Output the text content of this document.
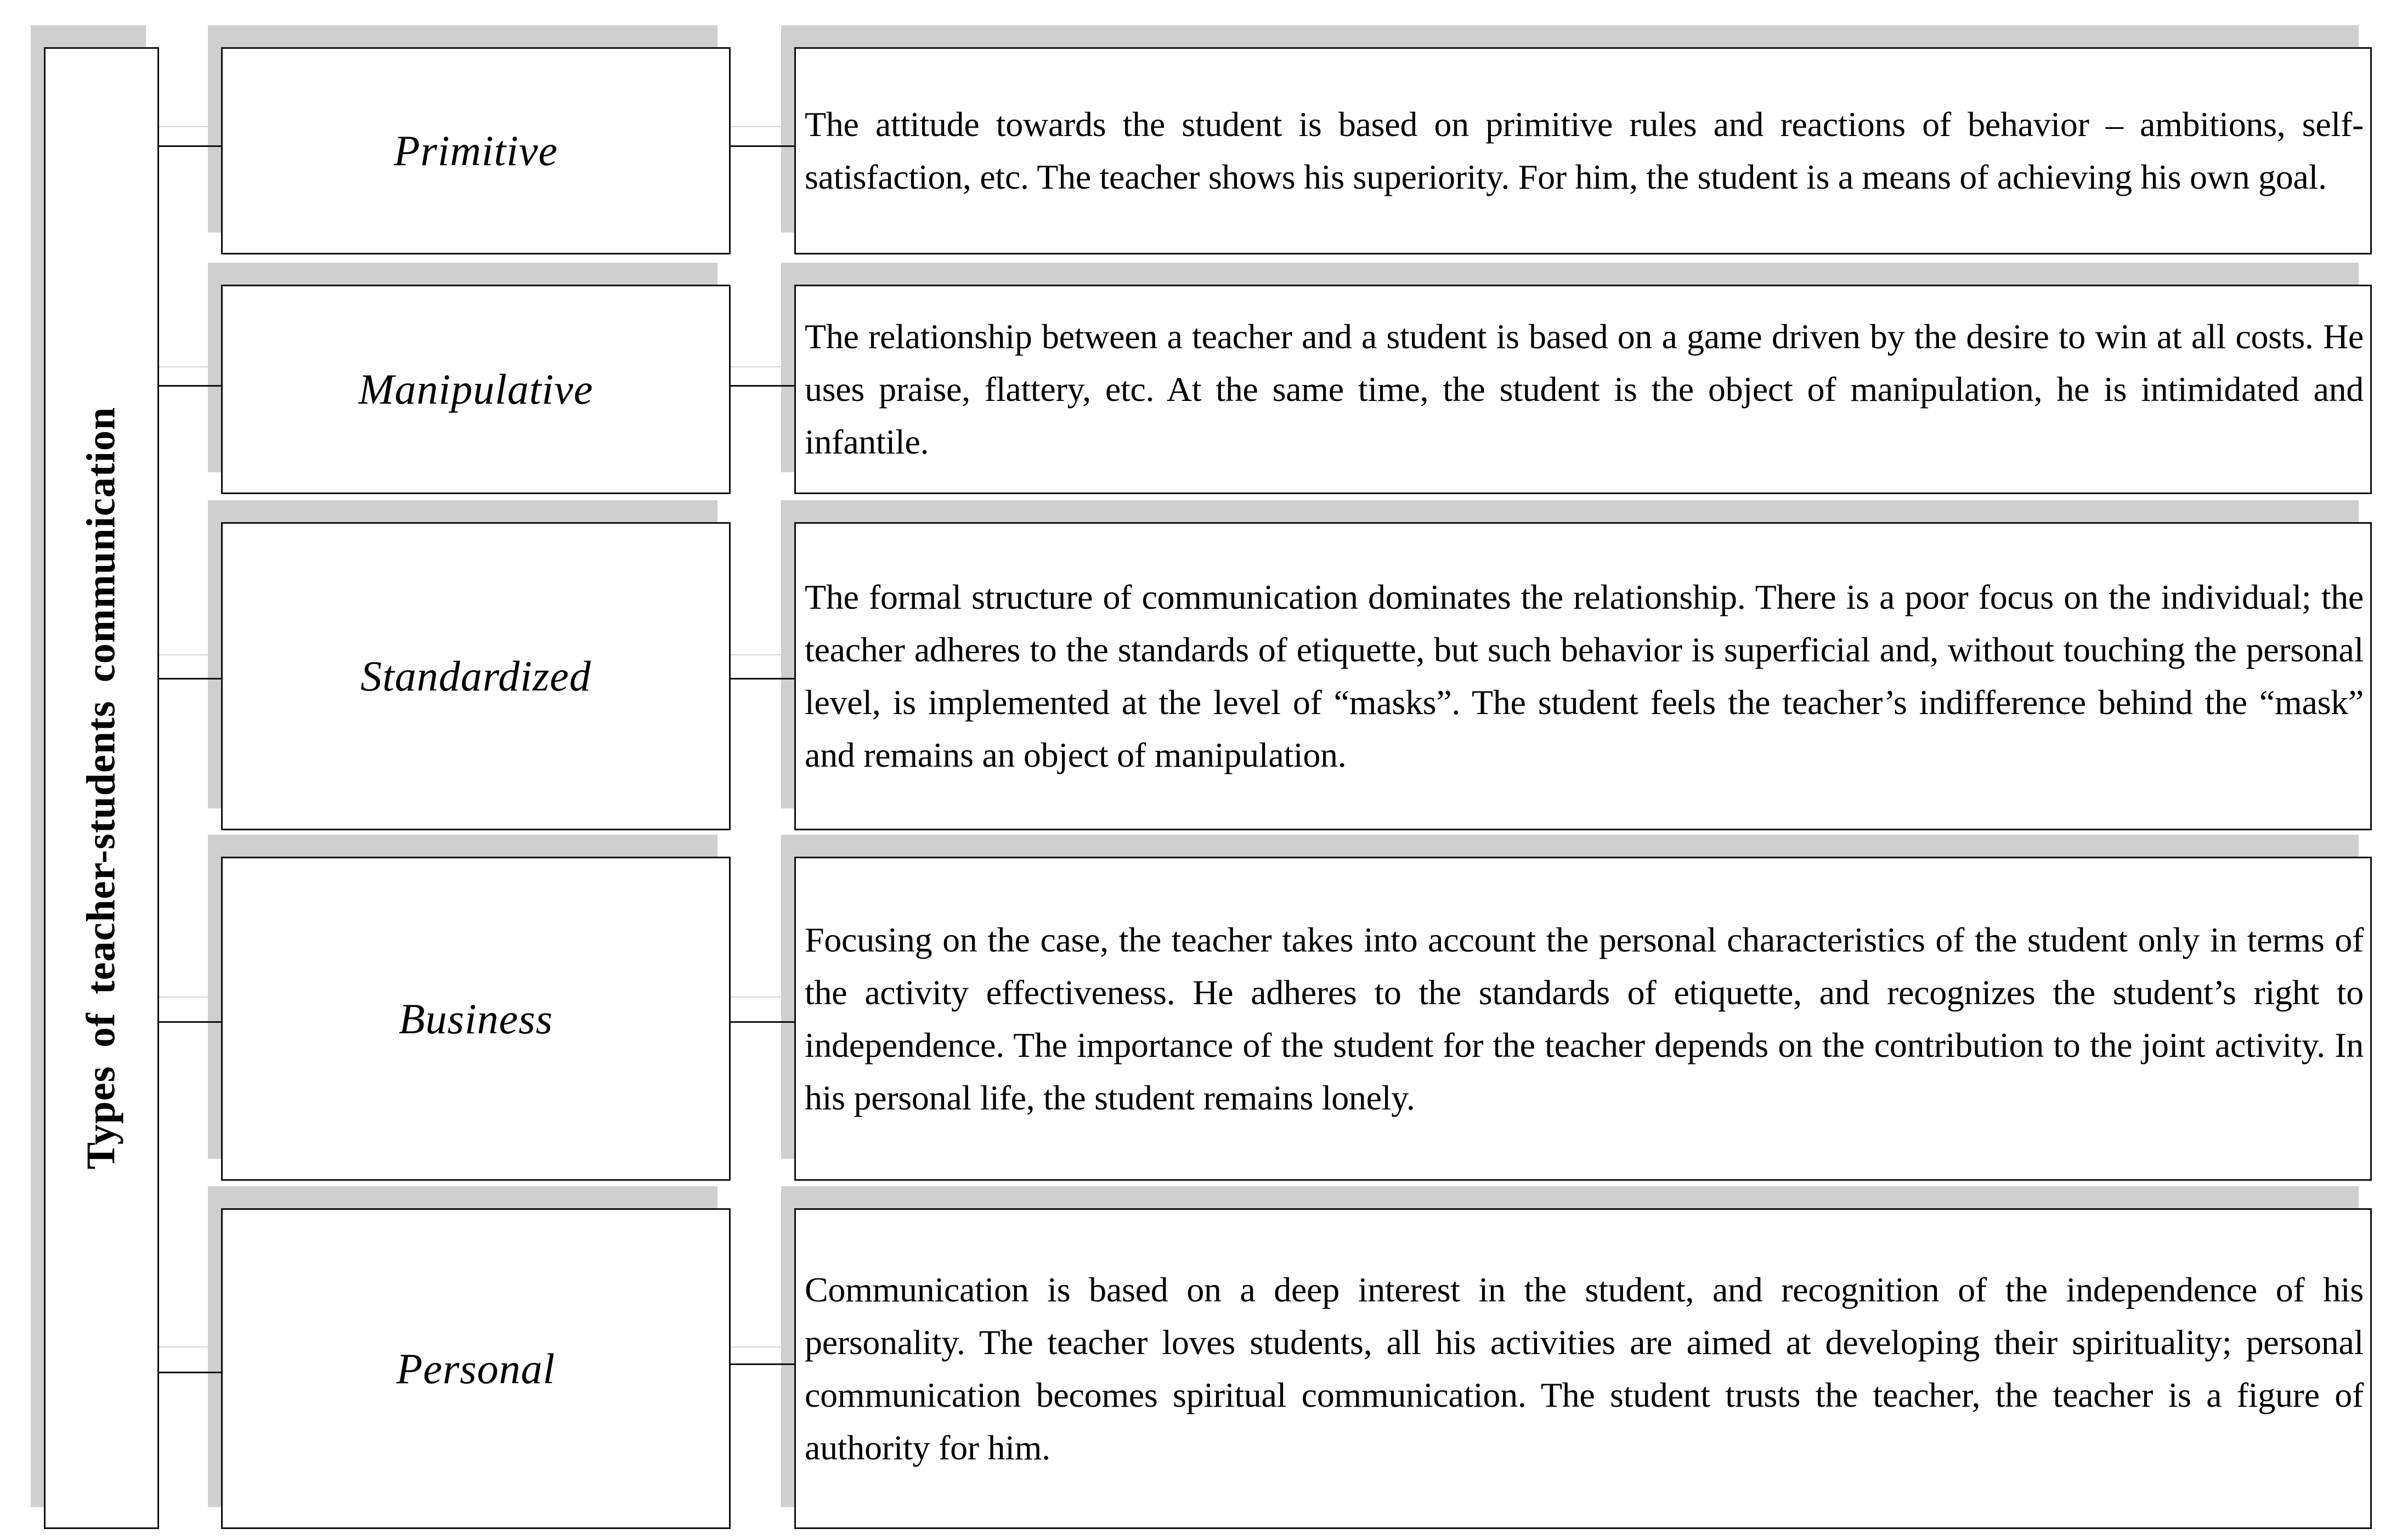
Types of teacher-students communication
Primitive
The attitude towards the student is based on primitive rules and reactions of behavior – ambitions, self-satisfaction, etc. The teacher shows his superiority. For him, the student is a means of achieving his own goal.
Manipulative
The relationship between a teacher and a student is based on a game driven by the desire to win at all costs. He uses praise, flattery, etc. At the same time, the student is the object of manipulation, he is intimidated and infantile.
Standardized
The formal structure of communication dominates the relationship. There is a poor focus on the individual; the teacher adheres to the standards of etiquette, but such behavior is superficial and, without touching the personal level, is implemented at the level of “masks”. The student feels the teacher’s indifference behind the “mask” and remains an object of manipulation.
Business
Focusing on the case, the teacher takes into account the personal characteristics of the student only in terms of the activity effectiveness. He adheres to the standards of etiquette, and recognizes the student’s right to independence. The importance of the student for the teacher depends on the contribution to the joint activity. In his personal life, the student remains lonely.
Personal
Communication is based on a deep interest in the student, and recognition of the independence of his personality. The teacher loves students, all his activities are aimed at developing their spirituality; personal communication becomes spiritual communication. The student trusts the teacher, the teacher is a figure of authority for him.
